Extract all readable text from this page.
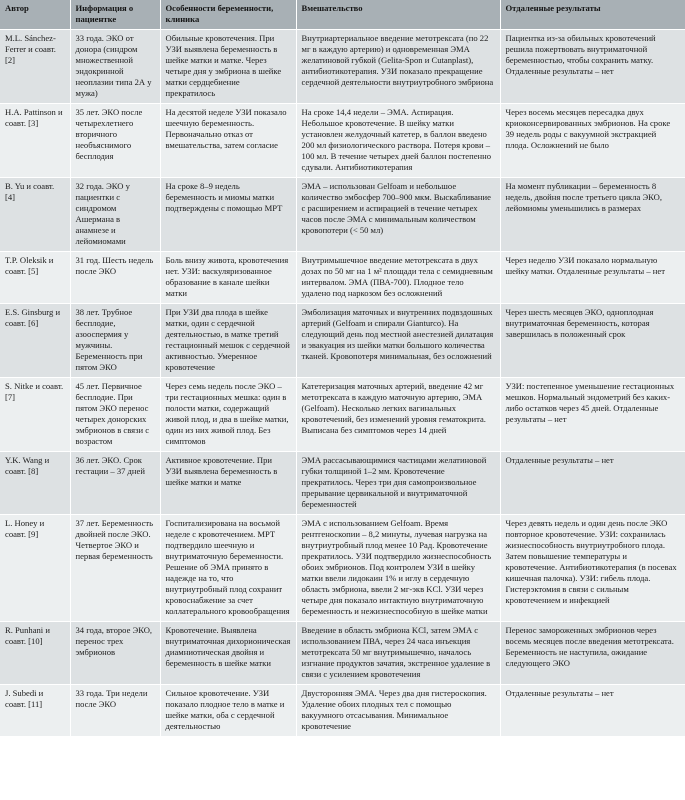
Автор	Информация о пациентке	Особенности беременности, клиника	Вмешательство	Отдаленные результаты
M.L. Sánchez-Ferrer и соавт. [2]	33 года. ЭКО от донора (синдром множественной эндокринной неоплазии типа 2А у мужа)	Обильные кровотечения. При УЗИ выявлена беременность в шейке матки и матке. Через четыре дня у эмбриона в шейке матки сердцебиение прекратилось	Внутриартериальное введение метотрексата (по 22 мг в каждую артерию) и одновременная ЭМА желатиновой губкой (Gelita-Spon и Cutanplast), антибиотикотерапия. УЗИ показало прекращение сердечной деятельности внутриутробного эмбриона	Пациентка из-за обильных кровотечений решила пожертвовать внутриматочной беременностью, чтобы сохранить матку. Отдаленные результаты – нет
H.A. Pattinson и соавт. [3]	35 лет. ЭКО после четырехлетнего вторичного необъяснимого бесплодия	На десятой неделе УЗИ показало шеечную беременность. Первоначально отказ от вмешательства, затем согласие	На сроке 14,4 недели – ЭМА. Аспирация. Небольшое кровотечение. В шейку матки установлен желудочный катетер, в баллон введено 200 мл физиологического раствора. Потеря крови – 100 мл. В течение четырех дней баллон постепенно сдували. Антибиотикотерапия	Через восемь месяцев пересадка двух криоконсервированных эмбрионов. На сроке 39 недель роды с вакуумной экстракцией плода. Осложнений не было
B. Yu и соавт. [4]	32 года. ЭКО у пациентки с синдромом Ашермана в анамнезе и лейомиомами	На сроке 8–9 недель беременность и миомы матки подтверждены с помощью МРТ	ЭМА – использован Gelfoam и небольшое количество эмбосфер 700–900 мкм. Выскабливание с расширением и аспирацией в течение четырех часов после ЭМА с минимальным количеством кровопотери (< 50 мл)	На момент публикации – беременность 8 недель, двойня после третьего цикла ЭКО, лейомиомы уменьшились в размерах
T.P. Oleksik и соавт. [5]	31 год. Шесть недель после ЭКО	Боль внизу живота, кровотечения нет. УЗИ: васкуляризованное образование в канале шейки матки	Внутримышечное введение метотрексата в двух дозах по 50 мг на 1 м² площади тела с семидневным интервалом. ЭМА (ПВА-700). Плодное тело удалено под наркозом без осложнений	Через неделю УЗИ показало нормальную шейку матки. Отдаленные результаты – нет
E.S. Ginsburg и соавт. [6]	38 лет. Трубное бесплодие, азооспермия у мужчины. Беременность при пятом ЭКО	При УЗИ два плода в шейке матки, один с сердечной деятельностью, в матке третий гестационный мешок с сердечной активностью. Умеренное кровотечение	Эмболизация маточных и внутренних подвздошных артерий (Gelfoam и спирали Gianturco). На следующий день под местной анестезией дилатация и эвакуация из шейки матки большого количества тканей. Кровопотеря минимальная, без осложнений	Через шесть месяцев ЭКО, одноплодная внутриматочная беременность, которая завершилась в положенный срок
S. Nitke и соавт. [7]	45 лет. Первичное бесплодие. При пятом ЭКО перенос четырех донорских эмбрионов в связи с возрастом	Через семь недель после ЭКО – три гестационных мешка: один в полости матки, содержащий живой плод, и два в шейке матки, один из них живой плод. Без симптомов	Катетеризация маточных артерий, введение 42 мг метотрексата в каждую маточную артерию, ЭМА (Gelfoam). Несколько легких вагинальных кровотечений, без изменений уровня гематокрита. Выписана без симптомов через 14 дней	УЗИ: постепенное уменьшение гестационных мешков. Нормальный эндометрий без каких-либо остатков через 45 дней. Отдаленные результаты – нет
Y.K. Wang и соавт. [8]	36 лет. ЭКО. Срок гестации – 37 дней	Активное кровотечение. При УЗИ выявлена беременность в шейке матки и матке	ЭМА рассасывающимися частицами желатиновой губки толщиной 1–2 мм. Кровотечение прекратилось. Через три дня самопроизвольное прерывание цервикальной и внутриматочной беременностей	Отдаленные результаты – нет
L. Honey и соавт. [9]	37 лет. Беременность двойней после ЭКО. Четвертое ЭКО и первая беременность	Госпитализирована на восьмой неделе с кровотечением. МРТ подтвердило шеечную и внутриматочную беременности. Решение об ЭМА принято в надежде на то, что внутриутробный плод сохранит кровоснабжение за счет коллатерального кровообращения	ЭМА с использованием Gelfoam. Время рентгеноскопии – 8,2 минуты, лучевая нагрузка на внутриутробный плод менее 10 Рад. Кровотечение прекратилось. УЗИ подтвердило жизнеспособность обоих эмбрионов. Под контролем УЗИ в шейку матки ввели лидокаин 1% и иглу в сердечную область эмбриона, ввели 2 мг-экв KCl. УЗИ через четыре дня показало интактную внутриматочную беременность и нежизнеспособную в шейке матки	Через девять недель и один день после ЭКО повторное кровотечение. УЗИ: сохранилась жизнеспособность внутриутробного плода. Затем повышение температуры и кровотечение. Антибиотикотерапия (в посевах кишечная палочка). УЗИ: гибель плода. Гистерэктомия в связи с сильным кровотечением и инфекцией
R. Punhani и соавт. [10]	34 года, второе ЭКО, перенос трех эмбрионов	Кровотечение. Выявлена внутриматочная дихорионическая диамниотическая двойня и беременность в шейке матки	Введение в область эмбриона KCl, затем ЭМА с использованием ПВА, через 24 часа инъекция метотрексата 50 мг внутримышечно, началось изгнание продуктов зачатия, экстренное удаление в связи с усилением кровотечения	Перенос замороженных эмбрионов через восемь месяцев после введения метотрексата. Беременность не наступила, ожидание следующего ЭКО
J. Subedi и соавт. [11]	33 года. Три недели после ЭКО	Сильное кровотечение. УЗИ показало плодное тело в матке и шейке матки, оба с сердечной деятельностью	Двусторонняя ЭМА. Через два дня гистероскопия. Удаление обоих плодных тел с помощью вакуумного отсасывания. Минимальное кровотечение	Отдаленные результаты – нет
